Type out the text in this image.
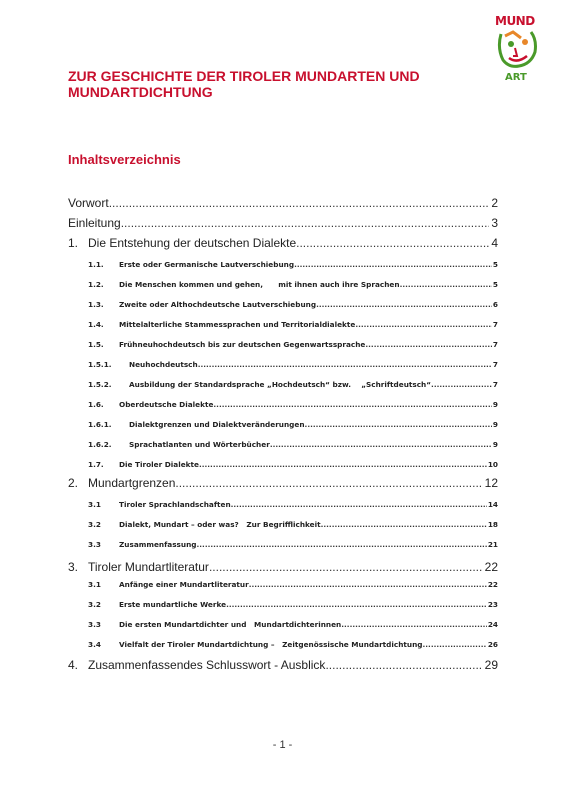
MUND
ART
ZUR GESCHICHTE DER TIROLER MUNDARTEN UND MUNDARTDICHTUNG
Inhaltsverzeichnis
Vorwort .....	2
Einleitung .....	3
1. Die Entstehung der deutschen Dialekte .....	4
1.1.	Erste oder Germanische Lautverschiebung .....	5
1.2.	Die Menschen kommen und gehen,      mit ihnen auch ihre Sprachen .....	5
1.3.	Zweite oder Althochdeutsche Lautverschiebung .....	6
1.4.	Mittelalterliche Stammessprachen und Territorialdialekte .....	7
1.5.	Frühneuhochdeutsch bis zur deutschen Gegenwartssprache .....	7
1.5.1.	Neuhochdeutsch .....	7
1.5.2.	Ausbildung der Standardsprache „Hochdeutsch“ bzw.    „Schriftdeutsch“ .....	7
1.6.	Oberdeutsche Dialekte .....	9
1.6.1.	Dialektgrenzen und Dialektveränderungen .....	9
1.6.2.	Sprachatlanten und Wörterbücher .....	9
1.7.	Die Tiroler Dialekte .....	10
2. Mundartgrenzen .....	12
3.1	Tiroler Sprachlandschaften .....	14
3.2	Dialekt, Mundart – oder was?   Zur Begrifflichkeit .....	18
3.3	Zusammenfassung .....	21
3. Tiroler Mundartliteratur .....	22
3.1	Anfänge einer Mundartliteratur .....	22
3.2	Erste mundartliche Werke .....	23
3.3	Die ersten Mundartdichter und   Mundartdichterinnen .....	24
3.4	Vielfalt der Tiroler Mundartdichtung –   Zeitgenössische Mundartdichtung .....	26
4. Zusammenfassendes Schlusswort - Ausblick .....	29
- 1 -
